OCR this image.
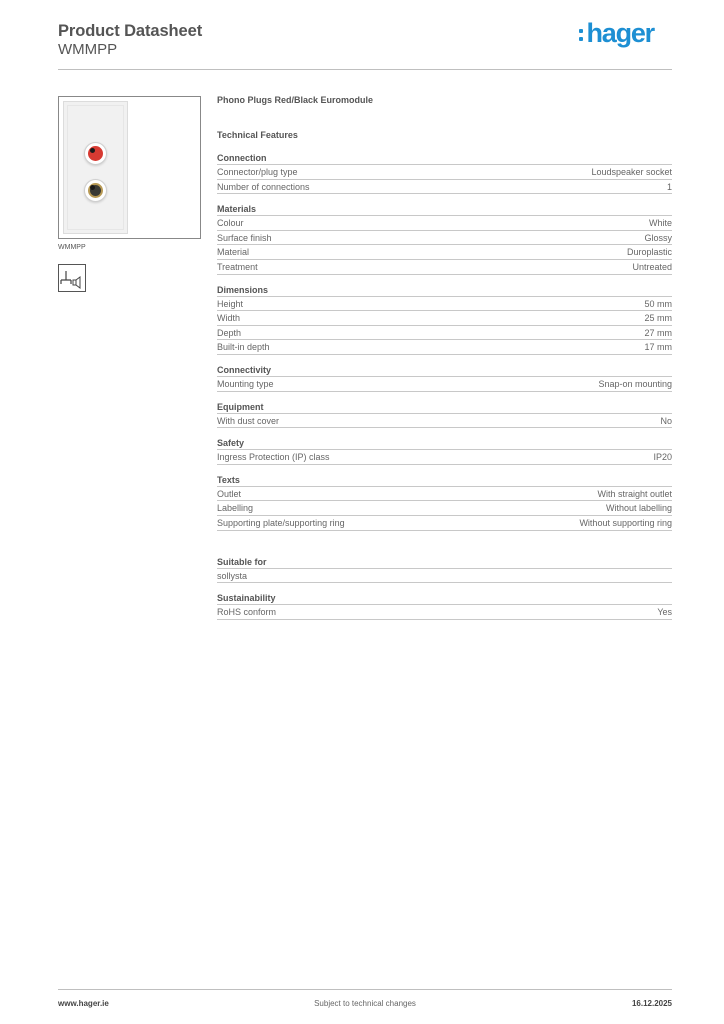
Product Datasheet
WMMPP
hager
WMMPP
Phono Plugs Red/Black Euromodule
Technical Features
Connection
Connector/plug type	Loudspeaker socket
Number of connections	1
Materials
Colour	White
Surface finish	Glossy
Material	Duroplastic
Treatment	Untreated
Dimensions
Height	50 mm
Width	25 mm
Depth	27 mm
Built-in depth	17 mm
Connectivity
Mounting type	Snap-on mounting
Equipment
With dust cover	No
Safety
Ingress Protection (IP) class	IP20
Texts
Outlet	With straight outlet
Labelling	Without labelling
Supporting plate/supporting ring	Without supporting ring
Suitable for
sollysta
Sustainability
RoHS conform	Yes
www.hager.ie	Subject to technical changes	16.12.2025
